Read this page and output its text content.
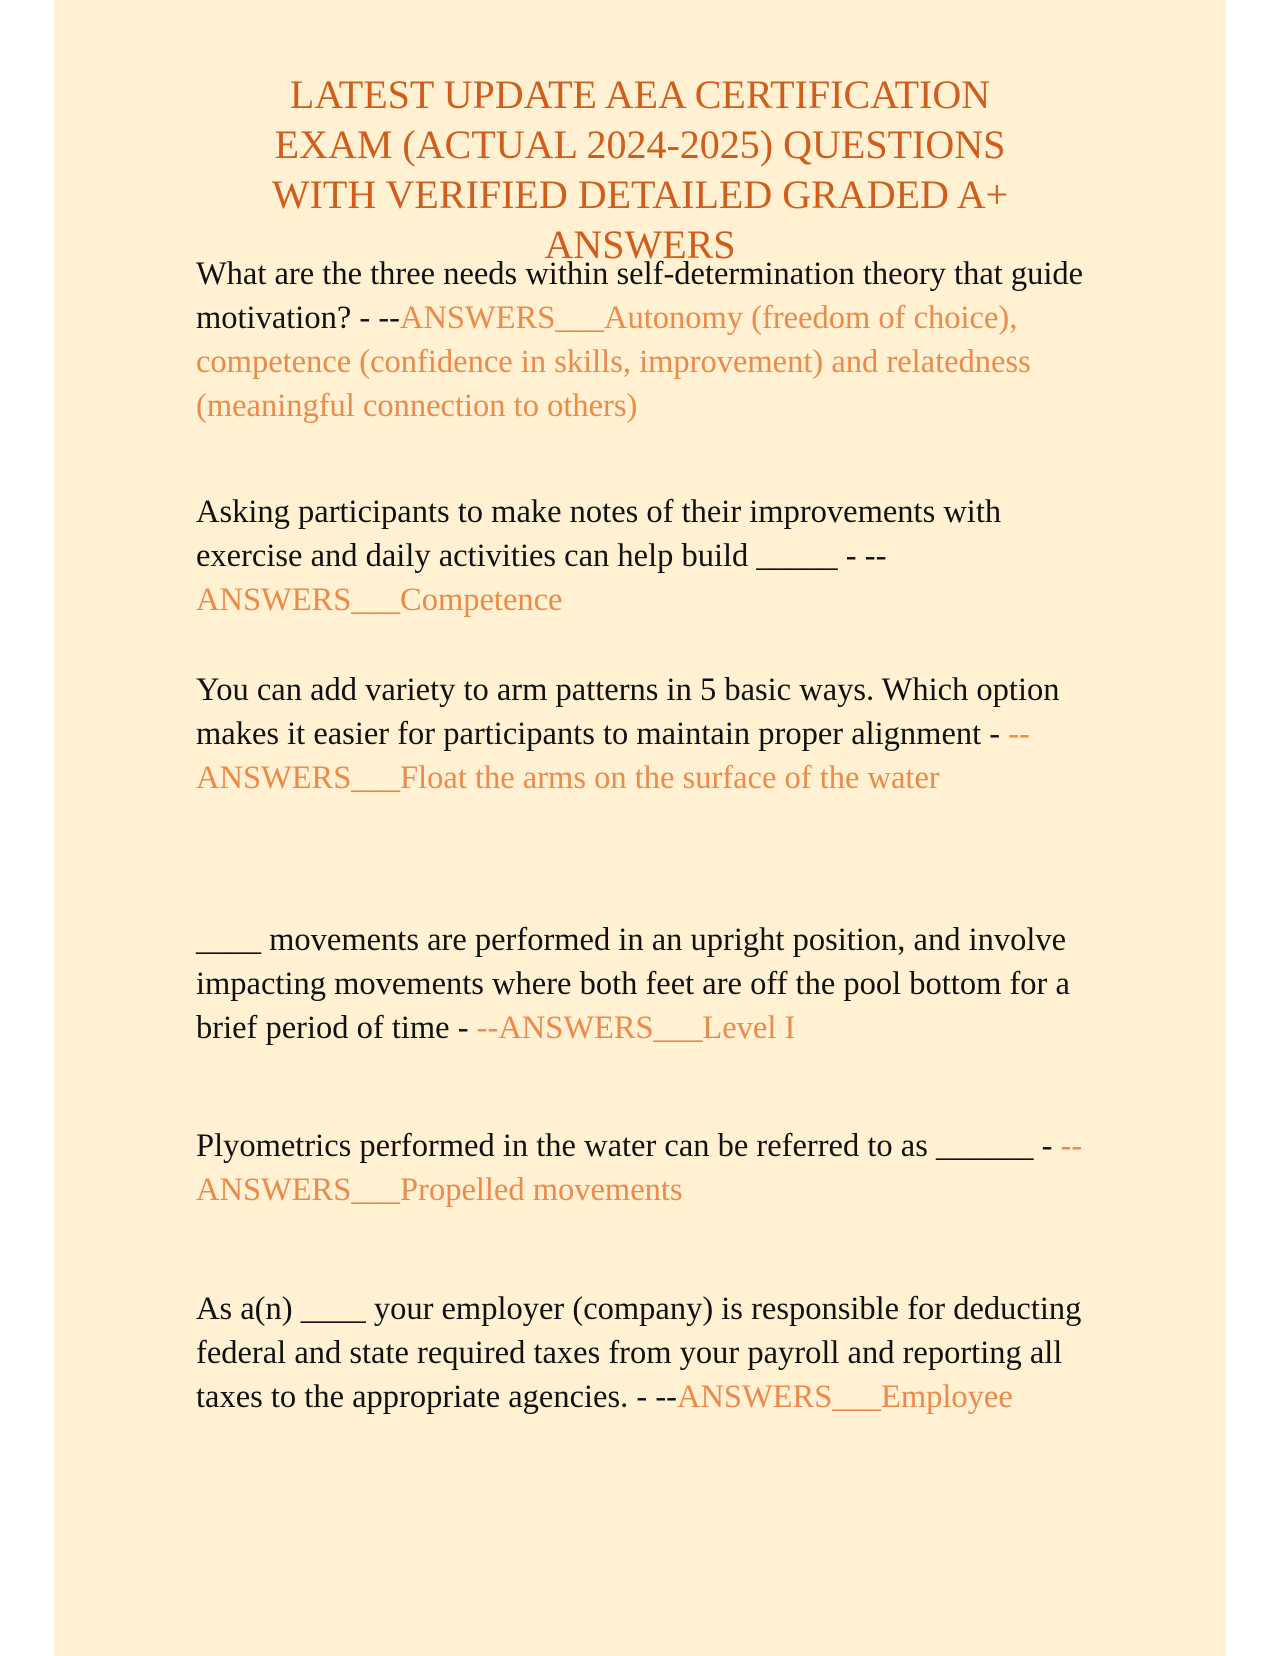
LATEST UPDATE AEA CERTIFICATION
EXAM (ACTUAL 2024-2025) QUESTIONS
WITH VERIFIED DETAILED GRADED A+
ANSWERS

What are the three needs within self-determination theory that guide motivation? - --ANSWERS___Autonomy (freedom of choice), competence (confidence in skills, improvement) and relatedness (meaningful connection to others)

Asking participants to make notes of their improvements with exercise and daily activities can help build _____ - --ANSWERS___Competence

You can add variety to arm patterns in 5 basic ways. Which option makes it easier for participants to maintain proper alignment - --ANSWERS___Float the arms on the surface of the water

____ movements are performed in an upright position, and involve impacting movements where both feet are off the pool bottom for a brief period of time - --ANSWERS___Level I

Plyometrics performed in the water can be referred to as ______ - --ANSWERS___Propelled movements

As a(n) ____ your employer (company) is responsible for deducting federal and state required taxes from your payroll and reporting all taxes to the appropriate agencies. - --ANSWERS___Employee
